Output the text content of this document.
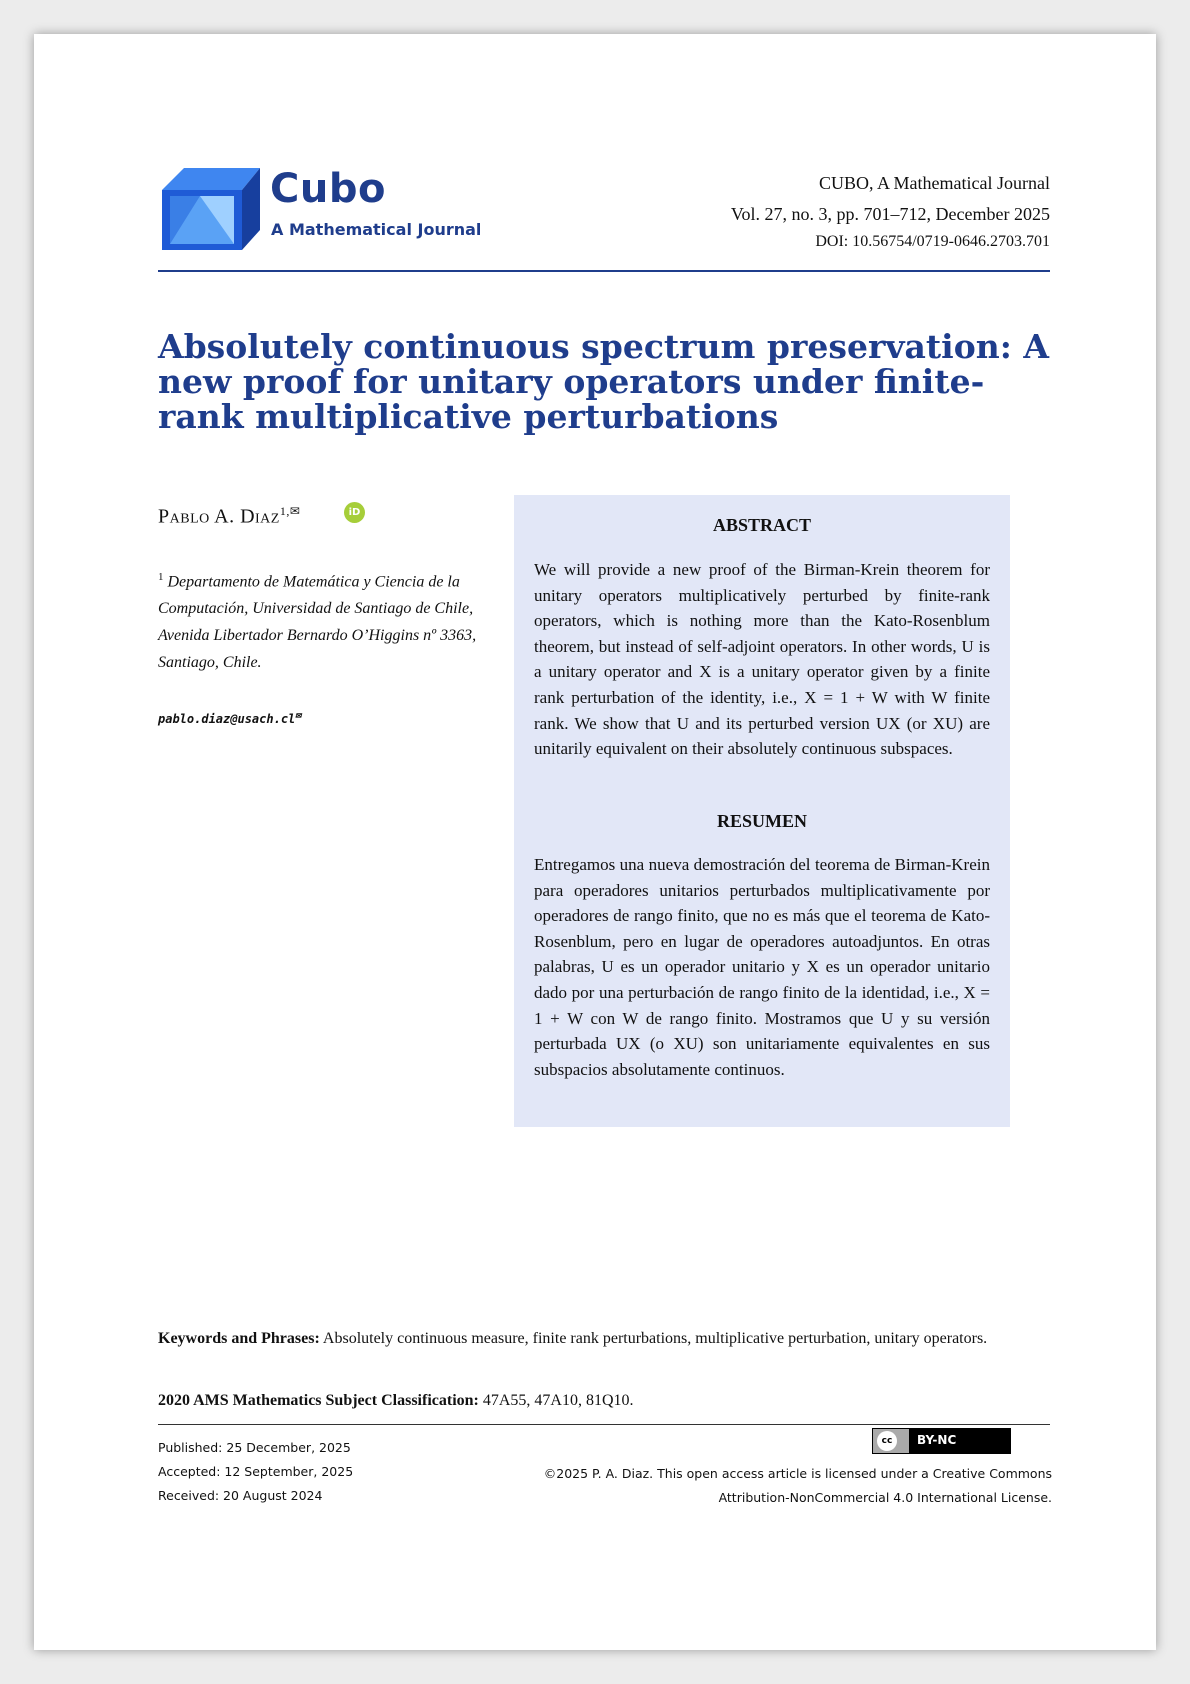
Cubo
A Mathematical Journal
CUBO, A Mathematical Journal
Vol. 27, no. 3, pp. 701–712, December 2025
DOI: 10.56754/0719-0646.2703.701
Absolutely continuous spectrum preservation: A new proof for unitary operators under finite-rank multiplicative perturbations
Pablo A. Diaz$^{1,✉}$	iD
$^1$ Departamento de Matemática y Ciencia de la Computación, Universidad de Santiago de Chile, Avenida Libertador Bernardo O’Higgins nº 3363, Santiago, Chile.
pablo.diaz@usach.cl✉
ABSTRACT

We will provide a new proof of the Birman-Krein theorem for unitary operators multiplicatively perturbed by finite-rank operators, which is nothing more than the Kato-Rosenblum theorem, but instead of self-adjoint operators. In other words, U is a unitary operator and X is a unitary operator given by a finite rank perturbation of the identity, i.e., X = 1 + W with W finite rank. We show that U and its perturbed version UX (or XU) are unitarily equivalent on their absolutely continuous subspaces.

RESUMEN

Entregamos una nueva demostración del teorema de Birman-Krein para operadores unitarios perturbados multiplicativamente por operadores de rango finito, que no es más que el teorema de Kato-Rosenblum, pero en lugar de operadores autoadjuntos. En otras palabras, U es un operador unitario y X es un operador unitario dado por una perturbación de rango finito de la identidad, i.e., X = 1 + W con W de rango finito. Mostramos que U y su versión perturbada UX (o XU) son unitariamente equivalentes en sus subspacios absolutamente continuos.

Keywords and Phrases: Absolutely continuous measure, finite rank perturbations, multiplicative perturbation, unitary operators.

2020 AMS Mathematics Subject Classification: 47A55, 47A10, 81Q10.
Published: 25 December, 2025
Accepted: 12 September, 2025
Received: 20 August 2024
cc	BY-NC
©2025 P. A. Diaz. This open access article is licensed under a Creative Commons
Attribution-NonCommercial 4.0 International License.
